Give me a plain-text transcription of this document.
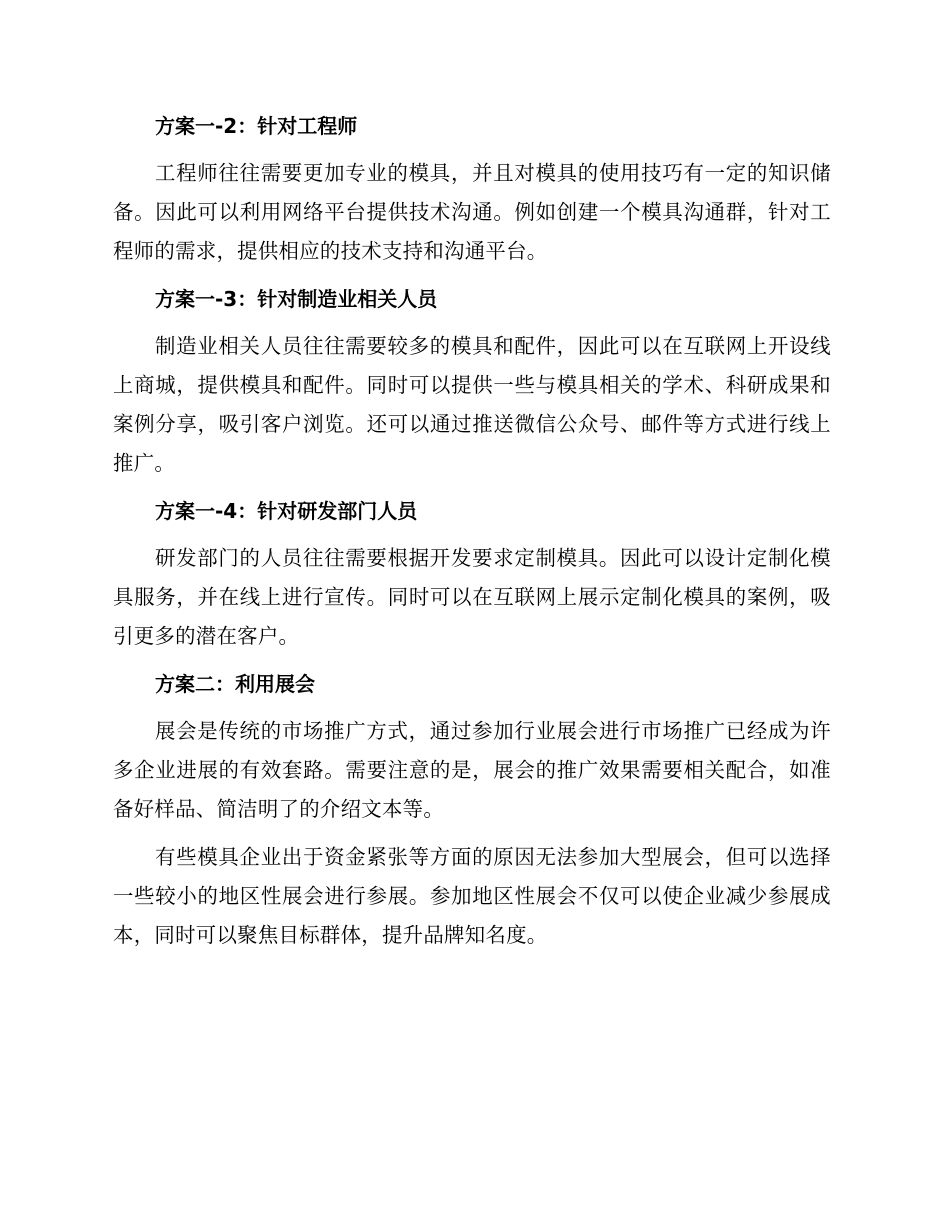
方案一-2：针对工程师

工程师往往需要更加专业的模具，并且对模具的使用技巧有一定的知识储备。因此可以利用网络平台提供技术沟通。例如创建一个模具沟通群，针对工程师的需求，提供相应的技术支持和沟通平台。

方案一-3：针对制造业相关人员

制造业相关人员往往需要较多的模具和配件，因此可以在互联网上开设线上商城，提供模具和配件。同时可以提供一些与模具相关的学术、科研成果和案例分享，吸引客户浏览。还可以通过推送微信公众号、邮件等方式进行线上推广。

方案一-4：针对研发部门人员

研发部门的人员往往需要根据开发要求定制模具。因此可以设计定制化模具服务，并在线上进行宣传。同时可以在互联网上展示定制化模具的案例，吸引更多的潜在客户。

方案二：利用展会

展会是传统的市场推广方式，通过参加行业展会进行市场推广已经成为许多企业进展的有效套路。需要注意的是，展会的推广效果需要相关配合，如准备好样品、简洁明了的介绍文本等。

有些模具企业出于资金紧张等方面的原因无法参加大型展会，但可以选择一些较小的地区性展会进行参展。参加地区性展会不仅可以使企业减少参展成本，同时可以聚焦目标群体，提升品牌知名度。
